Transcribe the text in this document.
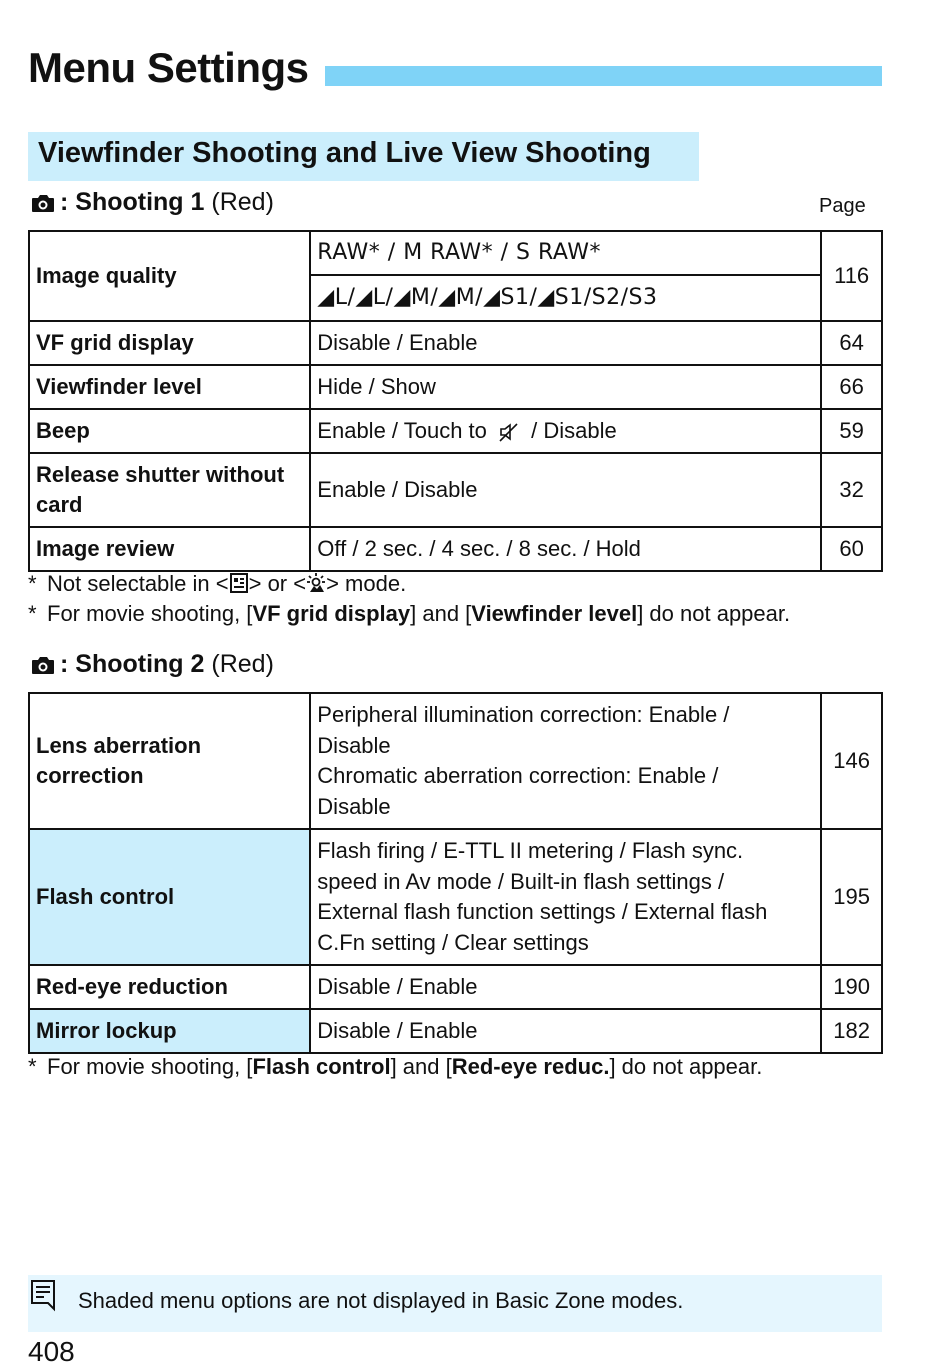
Menu Settings
Viewfinder Shooting and Live View Shooting
: Shooting 1
(Red)	Page
Image quality	RAW* / M RAW* / S RAW*	116
	◢L/◢L/◢M/◢M/◢S1/◢S1/S2/S3	
VF grid display	Disable / Enable	64
Viewfinder level	Hide / Show	66
Beep	Enable / Touch to / Disable	59
Release shutter without card	Enable / Disable	32
Image review	Off / 2 sec. / 4 sec. / 8 sec. / Hold	60
* Not selectable in < > or < > mode.
* For movie shooting, [VF grid display] and [Viewfinder level] do not appear.
: Shooting 2
(Red)
Lens aberration correction	Peripheral illumination correction: Enable /
Disable
Chromatic aberration correction: Enable /
Disable	146
Flash control	Flash firing / E-TTL II metering / Flash sync.
speed in Av mode / Built-in flash settings /
External flash function settings / External flash
C.Fn setting / Clear settings	195
Red-eye reduction	Disable / Enable	190
Mirror lockup	Disable / Enable	182
* For movie shooting, [Flash control] and [Red-eye reduc.] do not appear.
Shaded menu options are not displayed in Basic Zone modes.
408
